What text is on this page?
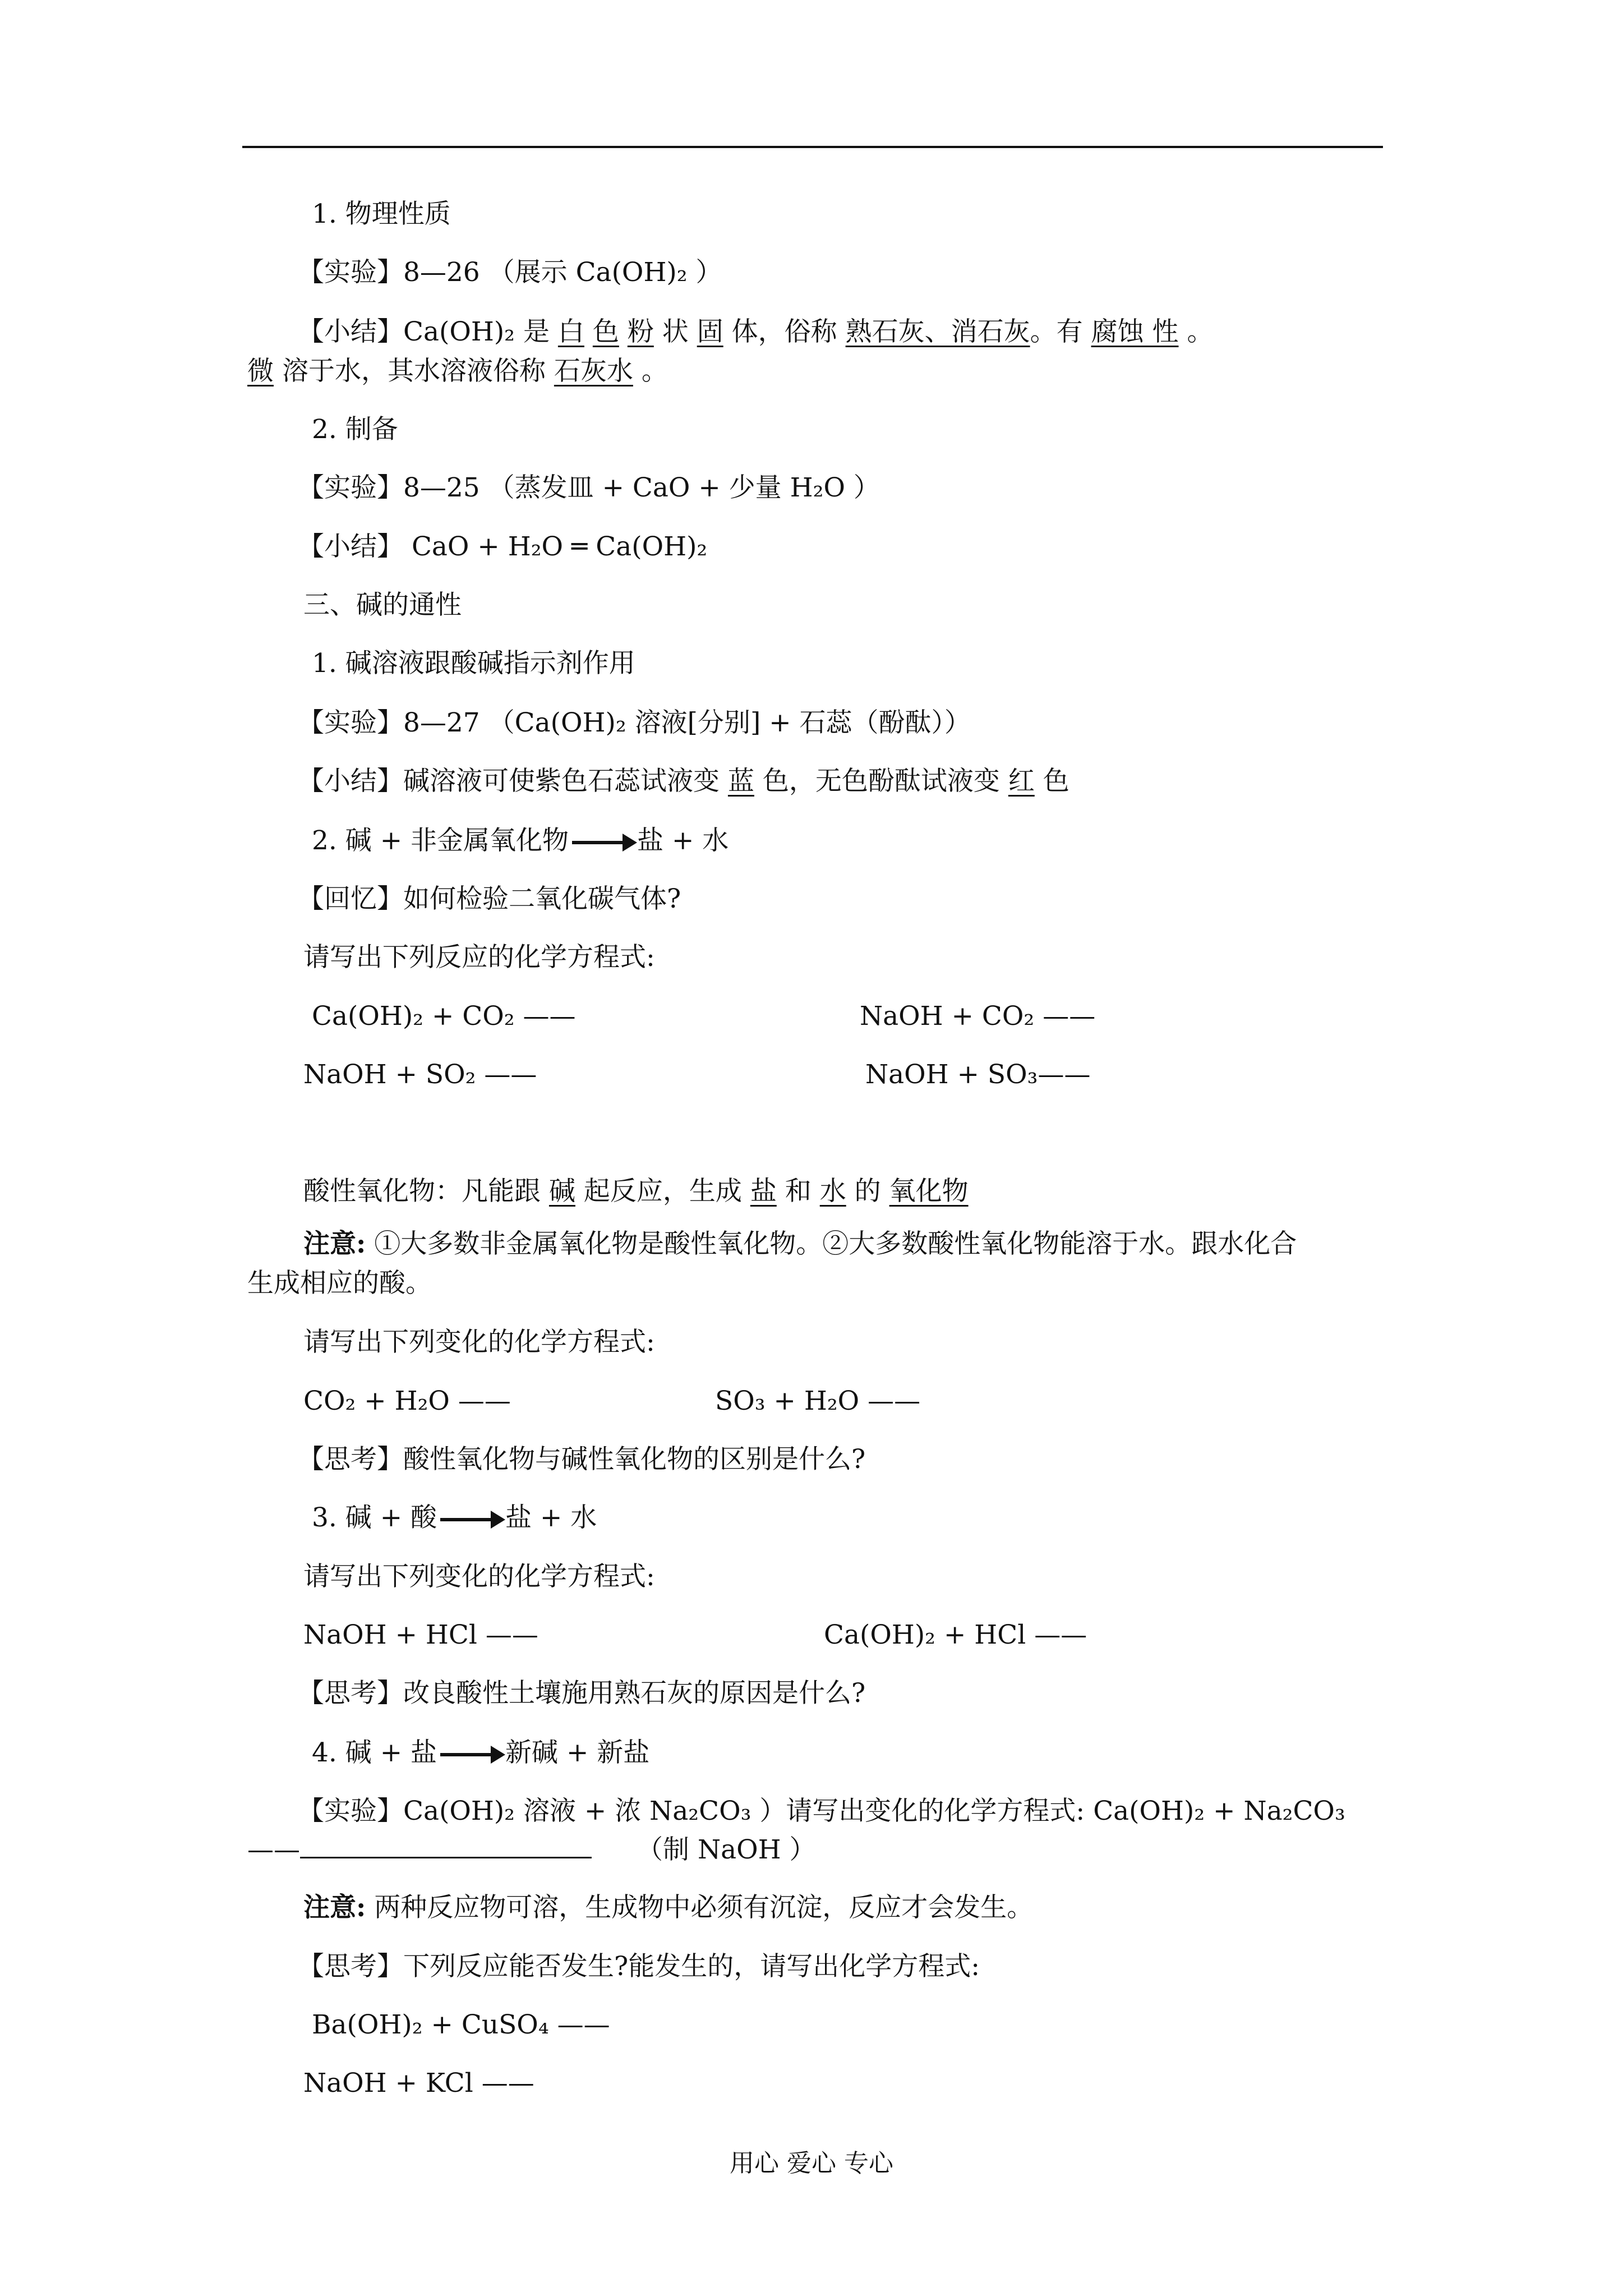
1. 物理性质
【实验】8—26 （展示 Ca(OH)₂ ）
【小结】Ca(OH)₂ 是 白 色 粉 状 固 体，俗称 熟石灰、消石灰。有 腐蚀 性 。
微 溶于水，其水溶液俗称 石灰水 。
2. 制备
【实验】8—25 （蒸发皿 + CaO + 少量 H₂O ）
【小结】 CaO + H₂O ═ Ca(OH)₂
三、碱的通性
1. 碱溶液跟酸碱指示剂作用
【实验】8—27 （Ca(OH)₂ 溶液[分别] + 石蕊（酚酞））
【小结】碱溶液可使紫色石蕊试液变 蓝 色，无色酚酞试液变 红 色
2. 碱 + 非金属氧化物	盐 + 水
【回忆】如何检验二氧化碳气体?
请写出下列反应的化学方程式:
Ca(OH)₂ + CO₂ ——	NaOH + CO₂ ——
NaOH + SO₂ ——	NaOH + SO₃——
酸性氧化物：凡能跟 碱 起反应，生成 盐 和 水 的 氧化物
注意: ①大多数非金属氧化物是酸性氧化物。②大多数酸性氧化物能溶于水。跟水化合
生成相应的酸。
请写出下列变化的化学方程式:
CO₂ + H₂O ——	SO₃ + H₂O ——
【思考】酸性氧化物与碱性氧化物的区别是什么?
3. 碱 + 酸	盐 + 水
请写出下列变化的化学方程式:
NaOH + HCl ——	Ca(OH)₂ + HCl ——
【思考】改良酸性土壤施用熟石灰的原因是什么?
4. 碱 + 盐	新碱 + 新盐
【实验】Ca(OH)₂ 溶液 + 浓 Na₂CO₃ ）请写出变化的化学方程式: Ca(OH)₂ + Na₂CO₃
——	（制 NaOH ）
注意: 两种反应物可溶，生成物中必须有沉淀，反应才会发生。
【思考】下列反应能否发生?能发生的，请写出化学方程式:
Ba(OH)₂ + CuSO₄ ——
NaOH + KCl ——
用心 爱心 专心
